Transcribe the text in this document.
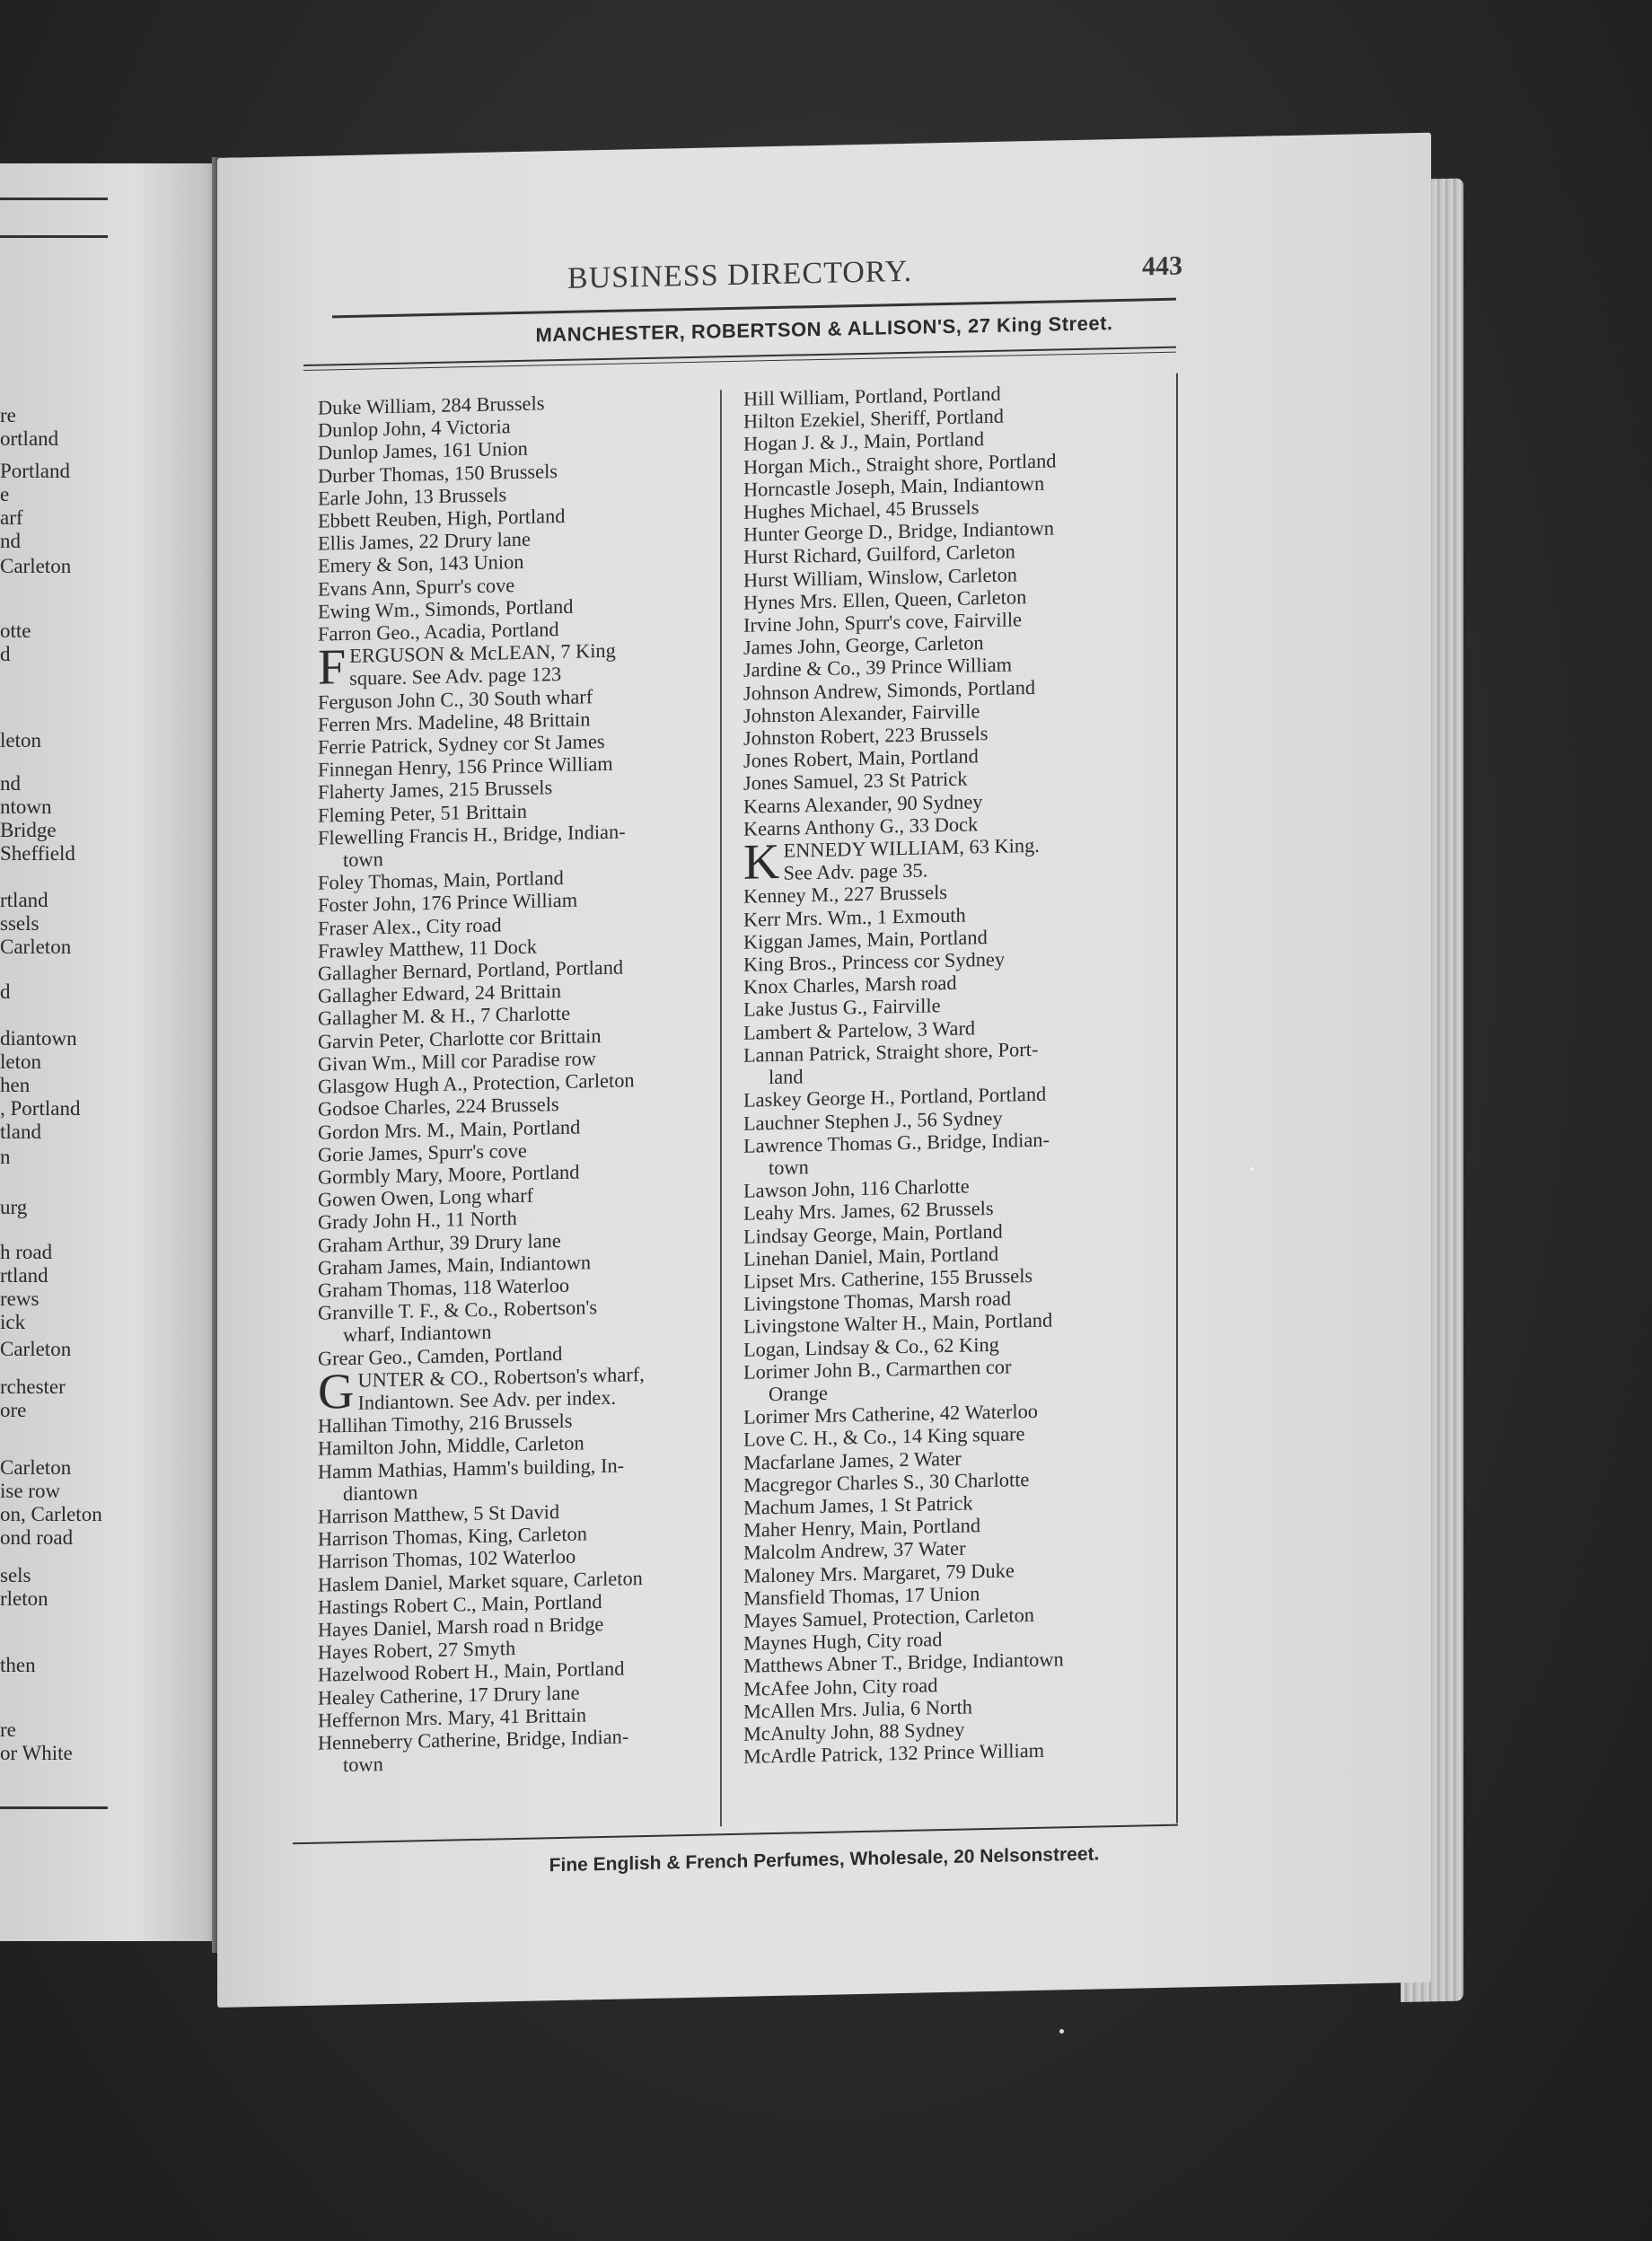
re
ortland
Portland
e
arf
nd
Carleton
otte
d
leton
nd
ntown
Bridge
Sheffield
rtland
ssels
Carleton
d
diantown
leton
hen
, Portland
tland
n
urg
h road
rtland
rews
ick
Carleton
rchester
ore
Carleton
ise row
on, Carleton
ond road
sels
rleton
then
re
or White
BUSINESS DIRECTORY.	443
MANCHESTER, ROBERTSON & ALLISON'S, 27 King Street.
Duke William, 284 Brussels
Dunlop John, 4 Victoria
Dunlop James, 161 Union
Durber Thomas, 150 Brussels
Earle John, 13 Brussels
Ebbett Reuben, High, Portland
Ellis James, 22 Drury lane
Emery & Son, 143 Union
Evans Ann, Spurr's cove
Ewing Wm., Simonds, Portland
Farron Geo., Acadia, Portland
FERGUSON & McLEAN, 7 King
square. See Adv. page 123
Ferguson John C., 30 South wharf
Ferren Mrs. Madeline, 48 Brittain
Ferrie Patrick, Sydney cor St James
Finnegan Henry, 156 Prince William
Flaherty James, 215 Brussels
Fleming Peter, 51 Brittain
Flewelling Francis H., Bridge, Indian-
town
Foley Thomas, Main, Portland
Foster John, 176 Prince William
Fraser Alex., City road
Frawley Matthew, 11 Dock
Gallagher Bernard, Portland, Portland
Gallagher Edward, 24 Brittain
Gallagher M. & H., 7 Charlotte
Garvin Peter, Charlotte cor Brittain
Givan Wm., Mill cor Paradise row
Glasgow Hugh A., Protection, Carleton
Godsoe Charles, 224 Brussels
Gordon Mrs. M., Main, Portland
Gorie James, Spurr's cove
Gormbly Mary, Moore, Portland
Gowen Owen, Long wharf
Grady John H., 11 North
Graham Arthur, 39 Drury lane
Graham James, Main, Indiantown
Graham Thomas, 118 Waterloo
Granville T. F., & Co., Robertson's
wharf, Indiantown
Grear Geo., Camden, Portland
GUNTER & CO., Robertson's wharf,
Indiantown. See Adv. per index.
Hallihan Timothy, 216 Brussels
Hamilton John, Middle, Carleton
Hamm Mathias, Hamm's building, In-
diantown
Harrison Matthew, 5 St David
Harrison Thomas, King, Carleton
Harrison Thomas, 102 Waterloo
Haslem Daniel, Market square, Carleton
Hastings Robert C., Main, Portland
Hayes Daniel, Marsh road n Bridge
Hayes Robert, 27 Smyth
Hazelwood Robert H., Main, Portland
Healey Catherine, 17 Drury lane
Heffernon Mrs. Mary, 41 Brittain
Henneberry Catherine, Bridge, Indian-
town
Hill William, Portland, Portland
Hilton Ezekiel, Sheriff, Portland
Hogan J. & J., Main, Portland
Horgan Mich., Straight shore, Portland
Horncastle Joseph, Main, Indiantown
Hughes Michael, 45 Brussels
Hunter George D., Bridge, Indiantown
Hurst Richard, Guilford, Carleton
Hurst William, Winslow, Carleton
Hynes Mrs. Ellen, Queen, Carleton
Irvine John, Spurr's cove, Fairville
James John, George, Carleton
Jardine & Co., 39 Prince William
Johnson Andrew, Simonds, Portland
Johnston Alexander, Fairville
Johnston Robert, 223 Brussels
Jones Robert, Main, Portland
Jones Samuel, 23 St Patrick
Kearns Alexander, 90 Sydney
Kearns Anthony G., 33 Dock
KENNEDY WILLIAM, 63 King.
See Adv. page 35.
Kenney M., 227 Brussels
Kerr Mrs. Wm., 1 Exmouth
Kiggan James, Main, Portland
King Bros., Princess cor Sydney
Knox Charles, Marsh road
Lake Justus G., Fairville
Lambert & Partelow, 3 Ward
Lannan Patrick, Straight shore, Port-
land
Laskey George H., Portland, Portland
Lauchner Stephen J., 56 Sydney
Lawrence Thomas G., Bridge, Indian-
town
Lawson John, 116 Charlotte
Leahy Mrs. James, 62 Brussels
Lindsay George, Main, Portland
Linehan Daniel, Main, Portland
Lipset Mrs. Catherine, 155 Brussels
Livingstone Thomas, Marsh road
Livingstone Walter H., Main, Portland
Logan, Lindsay & Co., 62 King
Lorimer John B., Carmarthen cor
Orange
Lorimer Mrs Catherine, 42 Waterloo
Love C. H., & Co., 14 King square
Macfarlane James, 2 Water
Macgregor Charles S., 30 Charlotte
Machum James, 1 St Patrick
Maher Henry, Main, Portland
Malcolm Andrew, 37 Water
Maloney Mrs. Margaret, 79 Duke
Mansfield Thomas, 17 Union
Mayes Samuel, Protection, Carleton
Maynes Hugh, City road
Matthews Abner T., Bridge, Indiantown
McAfee John, City road
McAllen Mrs. Julia, 6 North
McAnulty John, 88 Sydney
McArdle Patrick, 132 Prince William
Fine English & French Perfumes, Wholesale, 20 Nelsonstreet.
